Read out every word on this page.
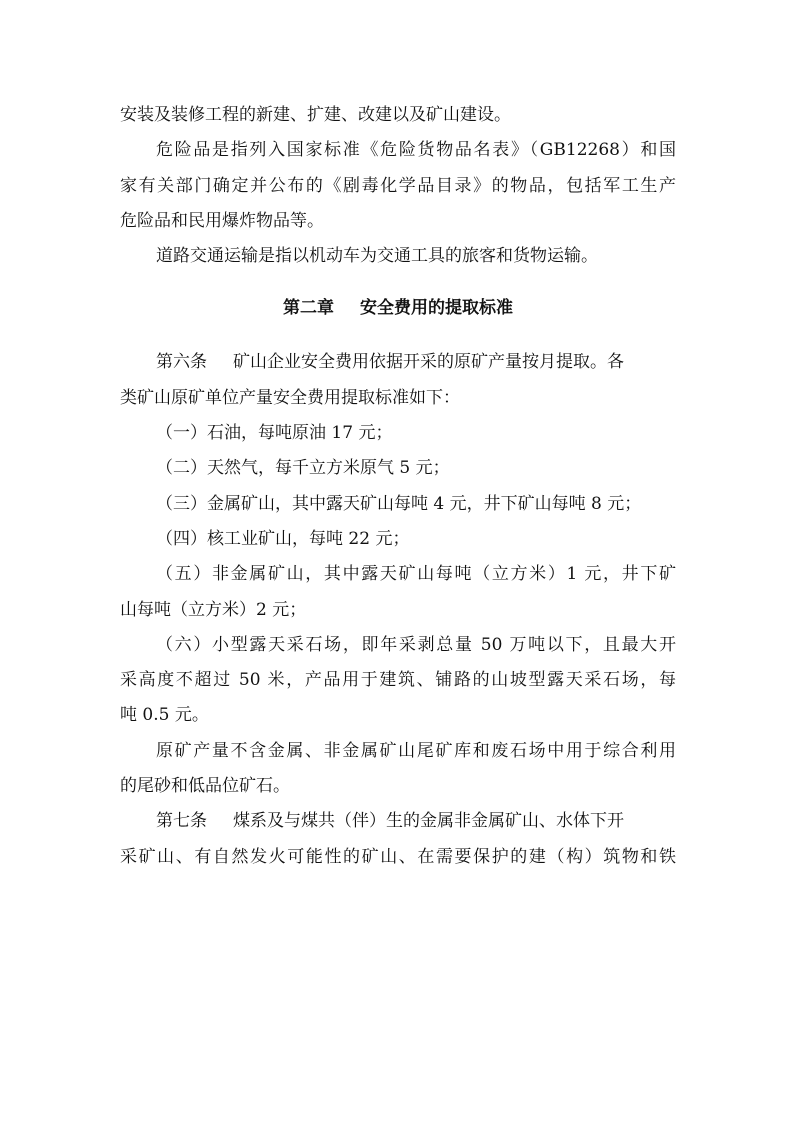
安装及装修工程的新建、扩建、改建以及矿山建设。
危险品是指列入国家标准《危险货物品名表》（GB12268）和国
家有关部门确定并公布的《剧毒化学品目录》的物品，包括军工生产
危险品和民用爆炸物品等。
道路交通运输是指以机动车为交通工具的旅客和货物运输。
第二章 安全费用的提取标准
第六条 矿山企业安全费用依据开采的原矿产量按月提取。各
类矿山原矿单位产量安全费用提取标准如下：
（一）石油，每吨原油 17 元；
（二）天然气，每千立方米原气 5 元；
（三）金属矿山，其中露天矿山每吨 4 元，井下矿山每吨 8 元；
（四）核工业矿山，每吨 22 元；
（五）非金属矿山，其中露天矿山每吨（立方米）1 元，井下矿
山每吨（立方米）2 元；
（六）小型露天采石场，即年采剥总量 50 万吨以下，且最大开
采高度不超过 50 米，产品用于建筑、铺路的山坡型露天采石场，每
吨 0.5 元。
原矿产量不含金属、非金属矿山尾矿库和废石场中用于综合利用
的尾砂和低品位矿石。
第七条 煤系及与煤共（伴）生的金属非金属矿山、水体下开
采矿山、有自然发火可能性的矿山、在需要保护的建（构）筑物和铁
